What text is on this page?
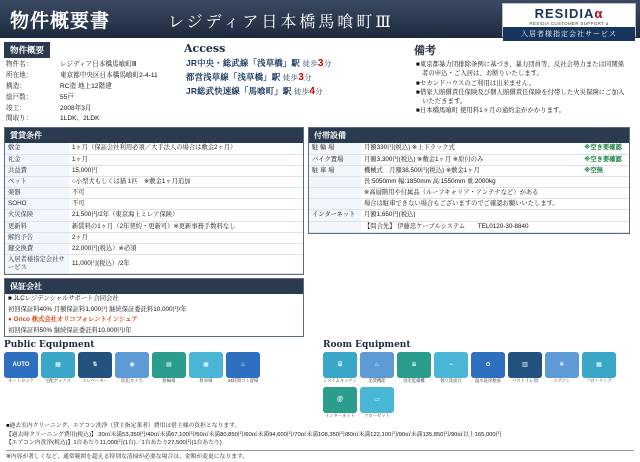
物件概要書	レジディア日本橋馬喰町Ⅲ	RESIDIAα
RESIDIA CUSTOMER SUPPORT α
入居者様指定会社サービス
物件概要
物件名：	レジディア日本橋馬喰町Ⅲ
所在地：	東京都中央区日本橋馬喰町2-4-11
構造：	RC造 地上12階建
総戸数：	55戸
竣工：	2008年3月
間取り：	1LDK、2LDK
Access
JR中央・総武線「浅草橋」駅 徒歩3分
都営浅草線「浅草橋」駅 徒歩3分
JR総武快速線「馬喰町」駅 徒歩4分
備考
■東京都暴力団排除条例に基づき、暴力団員等、反社会勢力または同関係者の申込・ご入居は、お断りいたします。
■セカンドハウスのご利用は出来ません。
■借家人賠償責任保険及び個人賠償責任保険を付帯した火災保険にご加入いただきます。
■日本橋馬喰町 使用料1ヶ月の通約金がかかります。
賃貸条件
敷金	1ヶ月（保証会社利用必須／大手法人の場合は敷金2ヶ月）
礼金	1ヶ月
共益費	15,000円
ペット	○小型犬もしくは猫 1匹　※敷金1ヶ月追加
楽器	不可
SOHO	不可
火災保険	21,500円/2年（東京海上ミレア保険）
更新料	新賃料の1ヶ月（2年契約・更新可）※更新事務手数料なし
解約予告	2ヶ月
鍵交換費	22,000円(税込）※必須
入居者様指定会社サービス	11,000円(税込）/2年
保証会社
■ JLCレジデンシャルサポート合同会社
初回保証料40% 月額保証料1,000円 継続保証委託料10,000円/年
● Orico 株式会社オリコフォレントインシュア
初回保証料50% 継続保証委託料10,000円/年
付帯設備
駐 輪 場	月額330円(税込) ※上下ラック式	※空き要確認
バイク置場	月額3,300円(税込) ※敷金1ヶ月 ※原付のみ	※空き要確認
駐 車 場	機械式　月額38,500円(税込) ※敷金1ヶ月	※空無
	長:5050mm 幅:1850mm 高:1550mm 重:2000kg	
	※高層階用や付属品（ルーフキャリア・アンテナなど）がある	
	場合は駐車できない場合もございますのでご確認お願いいたします。	
インターネット	月額1,650円(税込)	
	【問合先】 伊藤忠ケーブルシステム　　TEL0120-30-8840	
Public Equipment
AUTO
オートロック
▦
宅配ボックス
⇅
エレベーター
◉
防犯カメラ
▤
駐輪場
▣
駐車場
♨
24時間ゴミ置場
Room Equipment
⌸
システムキッチン
♨
追焚機能
≋
浴室乾燥機
⌁
独立洗面台
✿
温水洗浄便座
▥
バストイレ別
❄
エアコン
▦
フローリング
＠
インターネット
▭
クローゼット
■過去室内クリーニング、エアコン洗浄（貸主指定業者）費用は借主様の負担となります。
【過去時クリーニング費用(税込)】 30㎡未満53,350円/40㎡未満67,100円/50㎡未満80,850円/60㎡未満94,600円/70㎡未満108,350円/80㎡未満122,100円/90㎡未満135,850円/90㎡以上165,000円
【エアコン内洗浄(税込)】1台あたり11,000円(1台)／1台あたり27,500円(1台あたり)
※内容が著しくなど、通常範囲を超える特別な清掃が必要な場合は、金額が変更になります。
